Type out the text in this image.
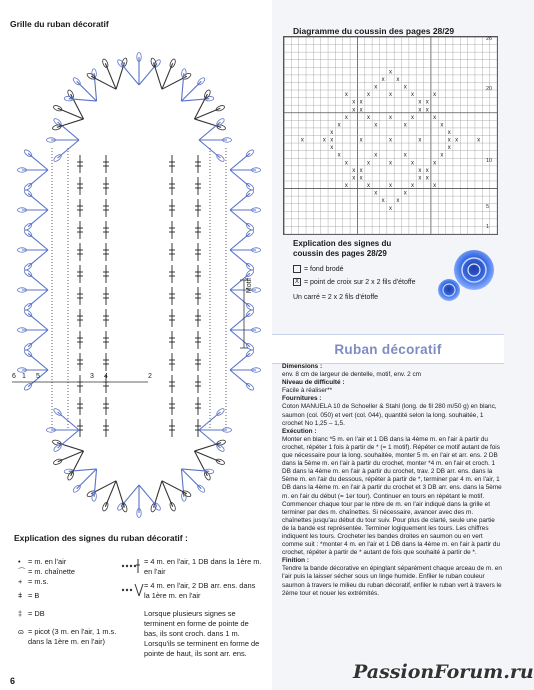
Grille du ruban décoratif
6 1 5	3 4	2
Motif
Diagramme du coussin des pages 28/29
x
x x
x	x
x	x	x	x	x
x x	x x
x x	x x
x	x	x	x	x
x	x	x	x
x	x
x	x x	x	x	x	x x	x
x	x
x	x	x	x
x	x	x	x	x
x x	x x
x x	x x
x	x	x	x	x
x	x
x x
x
26
20
10
5
1
Explication des signes du coussin des pages 28/29
= fond brodé
X = point de croix sur 2 x 2 fils d'étoffe
Un carré = 2 x 2 fils d'étoffe
Ruban décoratif
Dimensions :
env. 8 cm de largeur de dentelle, motif, env. 2 cm
Niveau de difficulté :
Facile à réaliser**
Fournitures :
Coton MANUELA 10 de Schoeller & Stahl (long. de fil 280 m/50 g) en blanc, saumon (col. 050) et vert (col. 044), quantité selon la long. souhaitée, 1 crochet No 1,25 – 1,5.
Exécution :
Monter en blanc *5 m. en l'air et 1 DB dans la 4ème m. en l'air à partir du crochet, répéter 1 fois à partir de * (= 1 motif). Répéter ce motif autant de fois que nécessaire pour la long. souhaitée, monter 5 m. en l'air et arr. ens. 2 DB dans la 5ème m. en l'air à partir du crochet, monter *4 m. en l'air et croch. 1 DB dans la 4ème m. en l'air à partir du crochet, trav. 2 DB arr. ens. dans la 5ème m. en l'air du dessous, répéter à partir de *, terminer par 4 m. en l'air, 1 DB dans la 4ème m. en l'air à partir du crochet et 3 DB arr. ens. dans la 5ème m. en l'air du début (= 1er tour). Continuer en tours en répétant le motif. Commencer chaque tour par le nbre de m. en l'air indiqué dans la grille et terminer par des m. chaînettes. Si nécessaire, avancer avec des m. chaînettes jusqu'au début du tour suiv. Pour plus de clarté, seule une partie de la bande est représentée. Terminer logiquement les tours. Les chiffres indiquent les tours. Crocheter les bandes droites en saumon ou en vert comme suit : *monter 4 m. en l'air et 1 DB dans la 4ème m. en l'air à partir du crochet, répéter à partir de * autant de fois que souhaité à partir de *.
Finition :
Tendre la bande décorative en épinglant séparément chaque arceau de m. en l'air puis la laisser sécher sous un linge humide. Enfiler le ruban couleur saumon à travers le milieu du ruban décoratif, enfiler le ruban vert à travers le 2ème tour et nouer les extrémités.
Explication des signes du ruban décoratif :
• = m. en l'air
⌒ = m. chaînette
+ = m.s.
ǂ = B
‡ = DB
ɷ = picot (3 m. en l'air, 1 m.s. dans la 1ère m. en l'air)
= 4 m. en l'air, 1 DB dans la 1ère m. en l'air
= 4 m. en l'air, 2 DB arr. ens. dans la 1ère m. en l'air
Lorsque plusieurs signes se terminent en forme de pointe de bas, ils sont croch. dans 1 m. Lorsqu'ils se terminent en forme de pointe de haut, ils sont arr. ens.
6	PassionForum.ru
